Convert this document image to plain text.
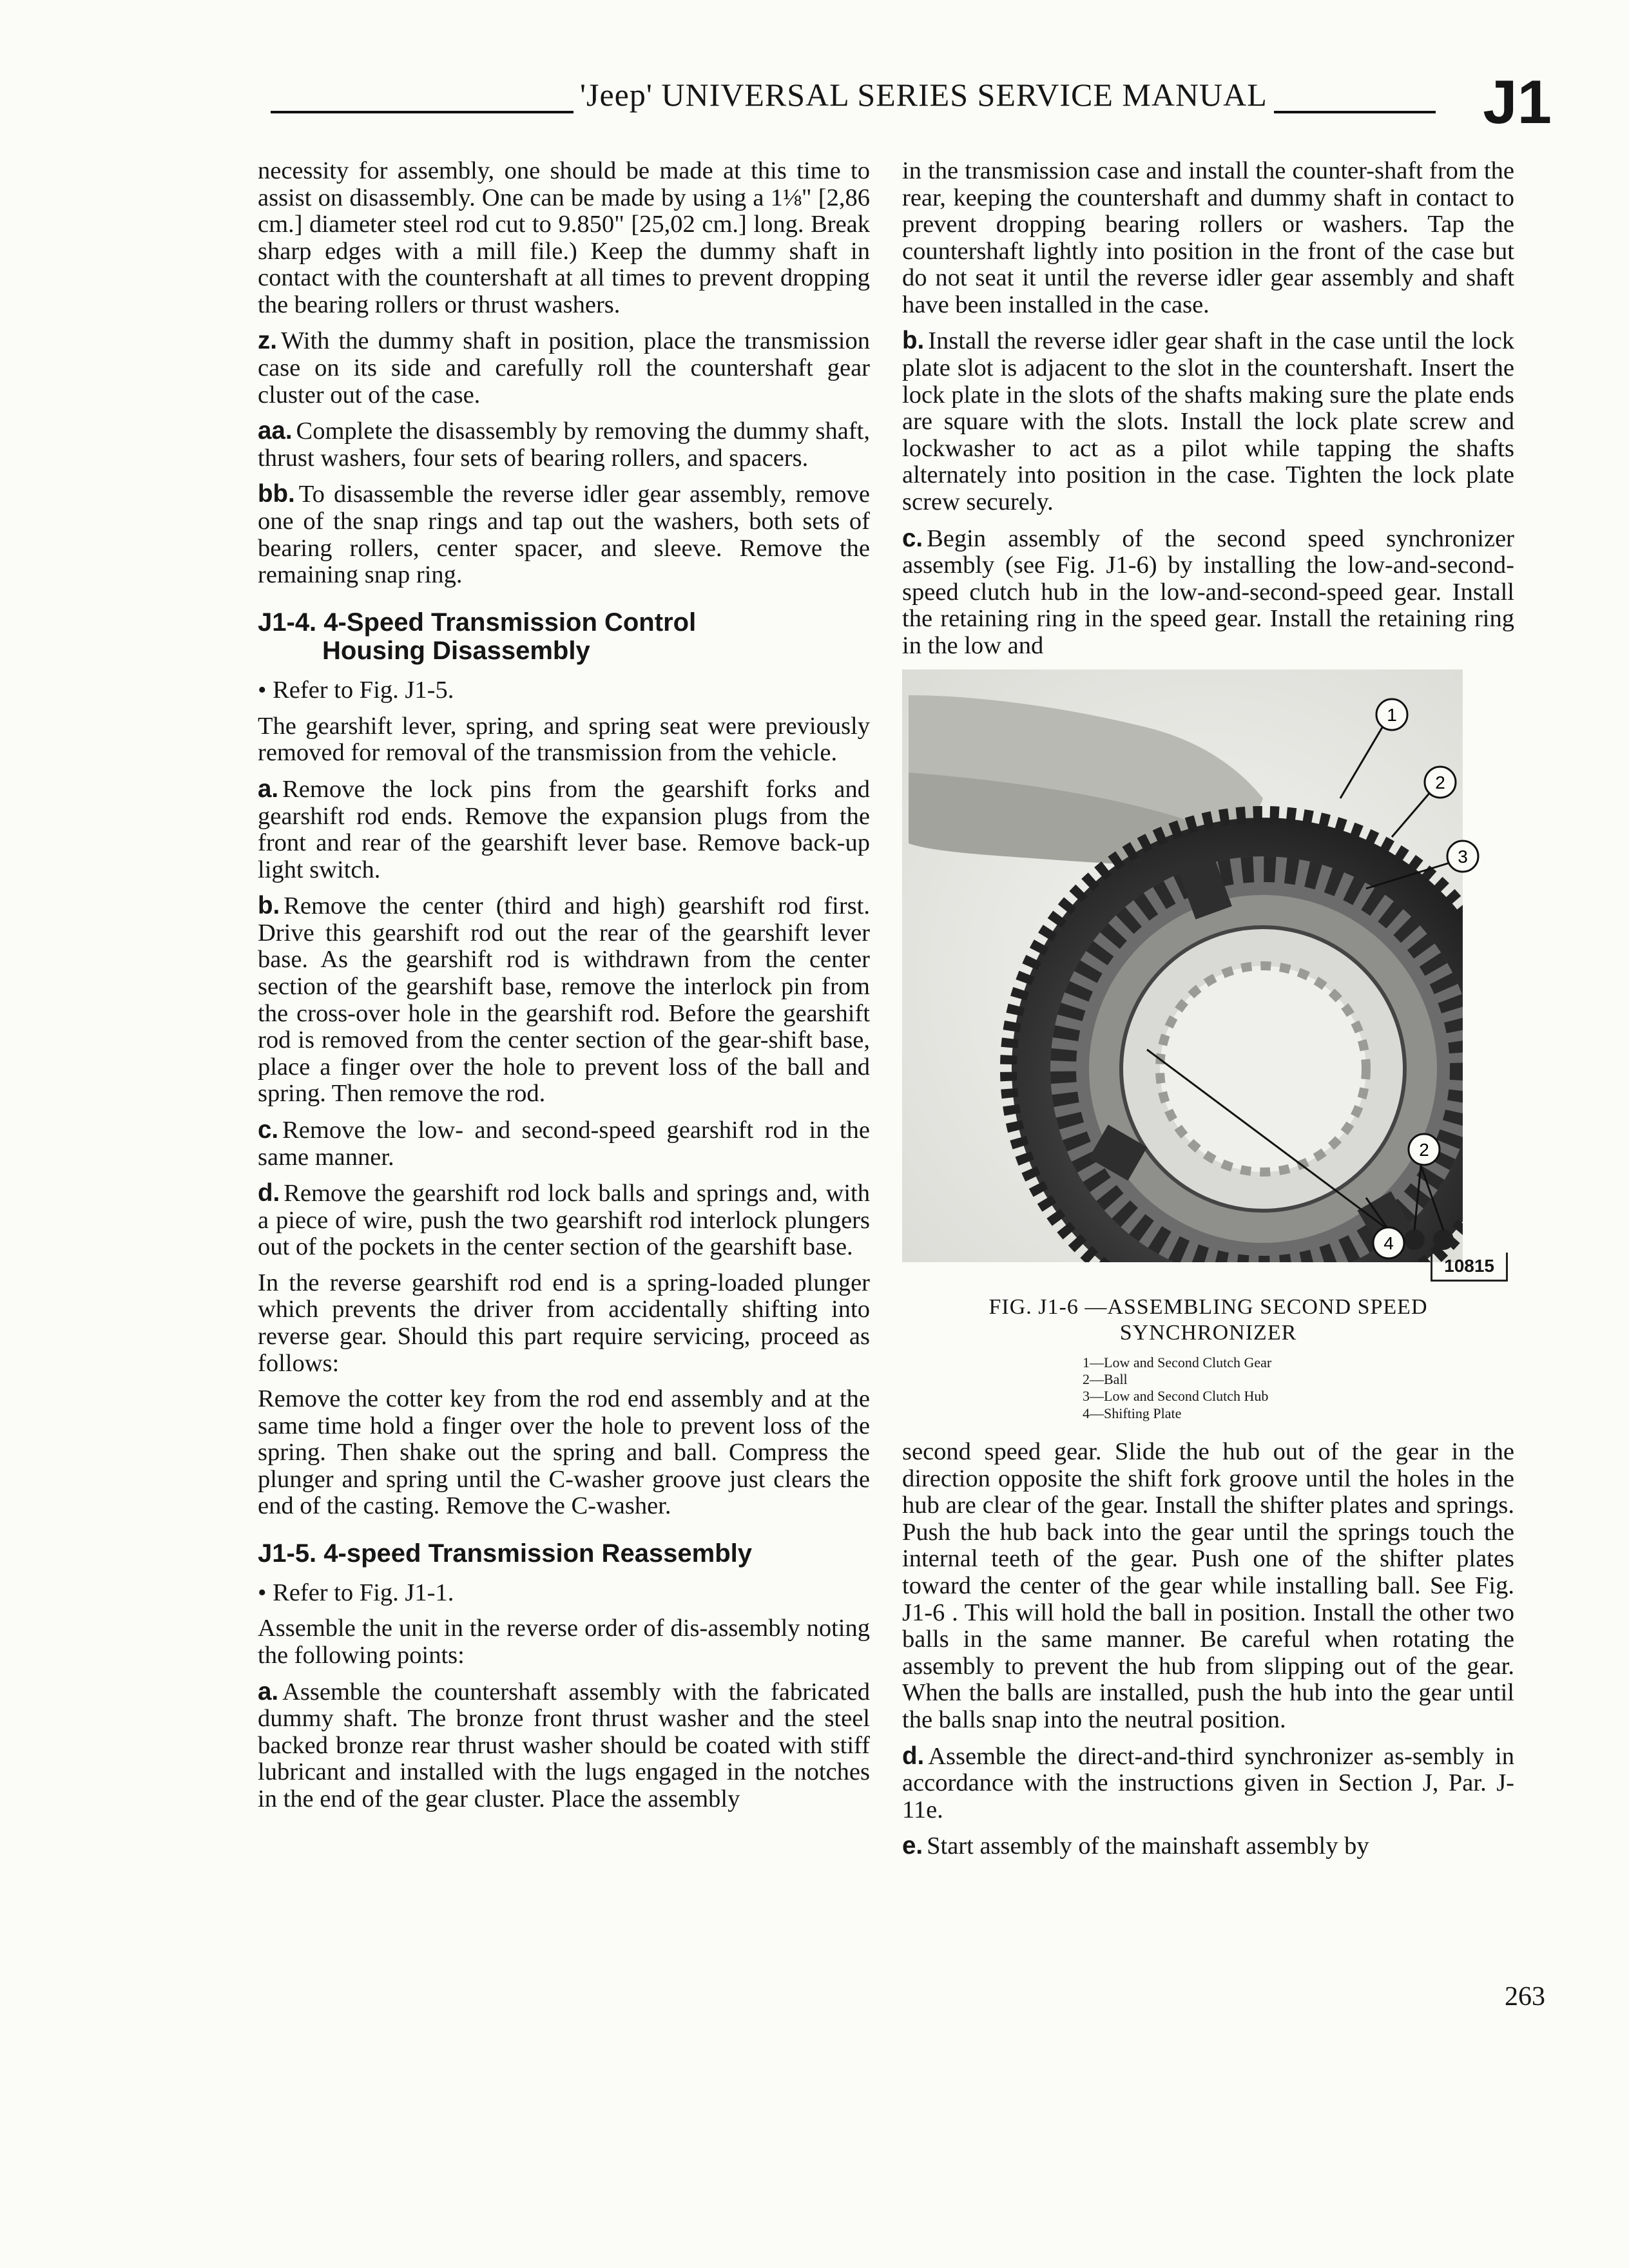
'Jeep' UNIVERSAL SERIES SERVICE MANUAL	J1

necessity for assembly, one should be made at this time to assist on disassembly. One can be made by using a 1⅛" [2,86 cm.] diameter steel rod cut to 9.850" [25,02 cm.] long. Break sharp edges with a mill file.) Keep the dummy shaft in contact with the countershaft at all times to prevent dropping the bearing rollers or thrust washers.

z. With the dummy shaft in position, place the transmission case on its side and carefully roll the countershaft gear cluster out of the case.

aa. Complete the disassembly by removing the dummy shaft, thrust washers, four sets of bearing rollers, and spacers.

bb. To disassemble the reverse idler gear assembly, remove one of the snap rings and tap out the washers, both sets of bearing rollers, center spacer, and sleeve. Remove the remaining snap ring.

J1-4. 4-Speed Transmission Control
Housing Disassembly

• Refer to Fig. J1-5.

The gearshift lever, spring, and spring seat were previously removed for removal of the transmission from the vehicle.

a. Remove the lock pins from the gearshift forks and gearshift rod ends. Remove the expansion plugs from the front and rear of the gearshift lever base. Remove back-up light switch.

b. Remove the center (third and high) gearshift rod first. Drive this gearshift rod out the rear of the gearshift lever base. As the gearshift rod is withdrawn from the center section of the gearshift base, remove the interlock pin from the cross-over hole in the gearshift rod. Before the gearshift rod is removed from the center section of the gear-shift base, place a finger over the hole to prevent loss of the ball and spring. Then remove the rod.

c. Remove the low- and second-speed gearshift rod in the same manner.

d. Remove the gearshift rod lock balls and springs and, with a piece of wire, push the two gearshift rod interlock plungers out of the pockets in the center section of the gearshift base.

In the reverse gearshift rod end is a spring-loaded plunger which prevents the driver from accidentally shifting into reverse gear. Should this part require servicing, proceed as follows:

Remove the cotter key from the rod end assembly and at the same time hold a finger over the hole to prevent loss of the spring. Then shake out the spring and ball. Compress the plunger and spring until the C-washer groove just clears the end of the casting. Remove the C-washer.

J1-5. 4-speed Transmission Reassembly

• Refer to Fig. J1-1.

Assemble the unit in the reverse order of dis-assembly noting the following points:

a. Assemble the countershaft assembly with the fabricated dummy shaft. The bronze front thrust washer and the steel backed bronze rear thrust washer should be coated with stiff lubricant and installed with the lugs engaged in the notches in the end of the gear cluster. Place the assembly

in the transmission case and install the counter-shaft from the rear, keeping the countershaft and dummy shaft in contact to prevent dropping bearing rollers or washers. Tap the countershaft lightly into position in the front of the case but do not seat it until the reverse idler gear assembly and shaft have been installed in the case.

b. Install the reverse idler gear shaft in the case until the lock plate slot is adjacent to the slot in the countershaft. Insert the lock plate in the slots of the shafts making sure the plate ends are square with the slots. Install the lock plate screw and lockwasher to act as a pilot while tapping the shafts alternately into position in the case. Tighten the lock plate screw securely.

c. Begin assembly of the second speed synchronizer assembly (see Fig. J1-6) by installing the low-and-second-speed clutch hub in the low-and-second-speed gear. Install the retaining ring in the speed gear. Install the retaining ring in the low and

1
2
3
2
4
10815
FIG. J1-6 —ASSEMBLING SECOND SPEED
SYNCHRONIZER
1—Low and Second Clutch Gear
2—Ball
3—Low and Second Clutch Hub
4—Shifting Plate

second speed gear. Slide the hub out of the gear in the direction opposite the shift fork groove until the holes in the hub are clear of the gear. Install the shifter plates and springs. Push the hub back into the gear until the springs touch the internal teeth of the gear. Push one of the shifter plates toward the center of the gear while installing ball. See Fig. J1-6 . This will hold the ball in position. Install the other two balls in the same manner. Be careful when rotating the assembly to prevent the hub from slipping out of the gear. When the balls are installed, push the hub into the gear until the balls snap into the neutral position.

d. Assemble the direct-and-third synchronizer as-sembly in accordance with the instructions given in Section J, Par. J-11e.

e. Start assembly of the mainshaft assembly by

263
